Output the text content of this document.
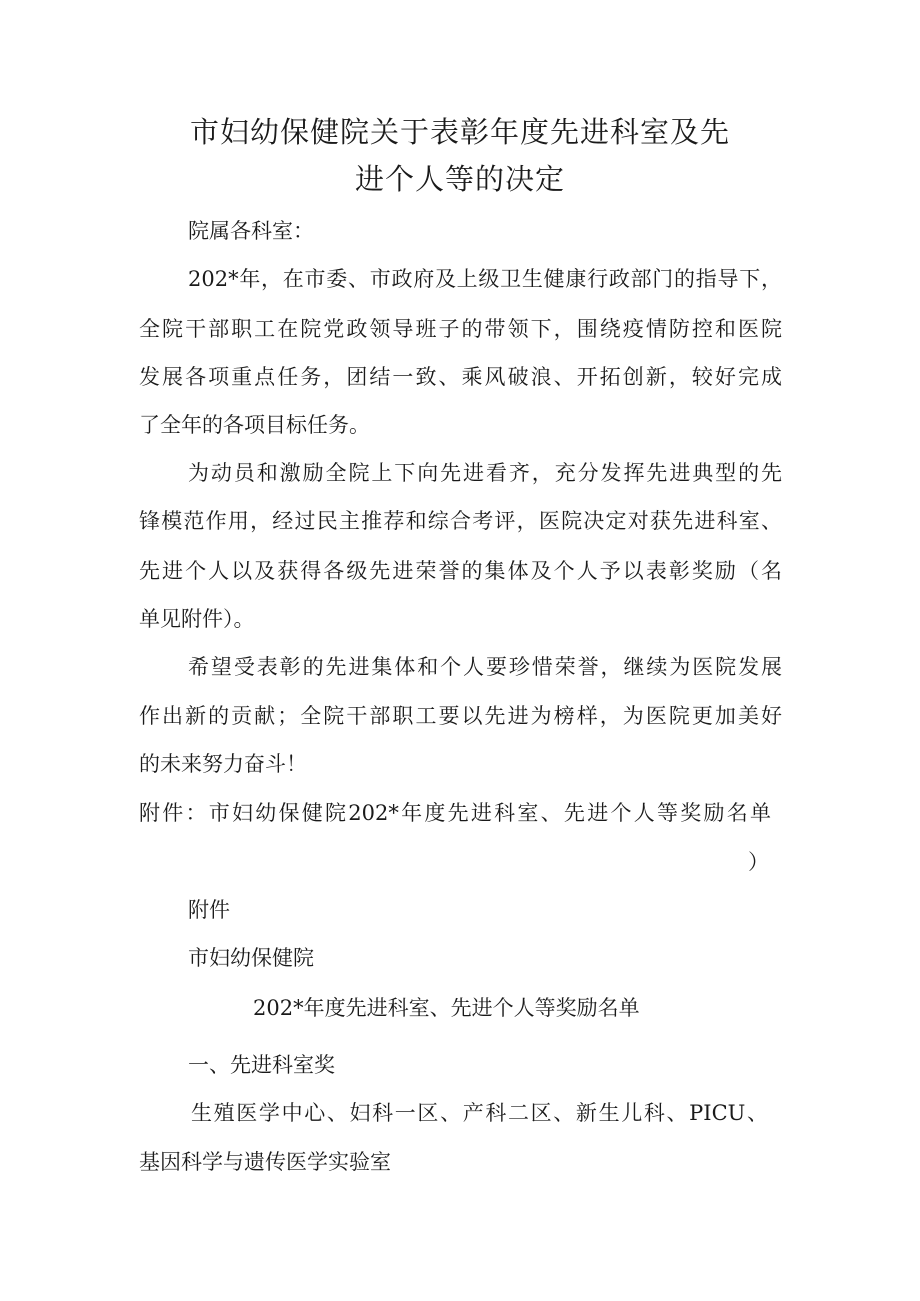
市妇幼保健院关于表彰年度先进科室及先
进个人等的决定
院属各科室：
202*年，在市委、市政府及上级卫生健康行政部门的指导下，
全院干部职工在院党政领导班子的带领下，围绕疫情防控和医院
发展各项重点任务，团结一致、乘风破浪、开拓创新，较好完成
了全年的各项目标任务。
为动员和激励全院上下向先进看齐，充分发挥先进典型的先
锋模范作用，经过民主推荐和综合考评，医院决定对获先进科室、
先进个人以及获得各级先进荣誉的集体及个人予以表彰奖励（名
单见附件）。
希望受表彰的先进集体和个人要珍惜荣誉，继续为医院发展
作出新的贡献；全院干部职工要以先进为榜样，为医院更加美好
的未来努力奋斗！
附件：市妇幼保健院202*年度先进科室、先进个人等奖励名单
）
附件
市妇幼保健院
202*年度先进科室、先进个人等奖励名单
一、先进科室奖
生殖医学中心、妇科一区、产科二区、新生儿科、PICU、
基因科学与遗传医学实验室
